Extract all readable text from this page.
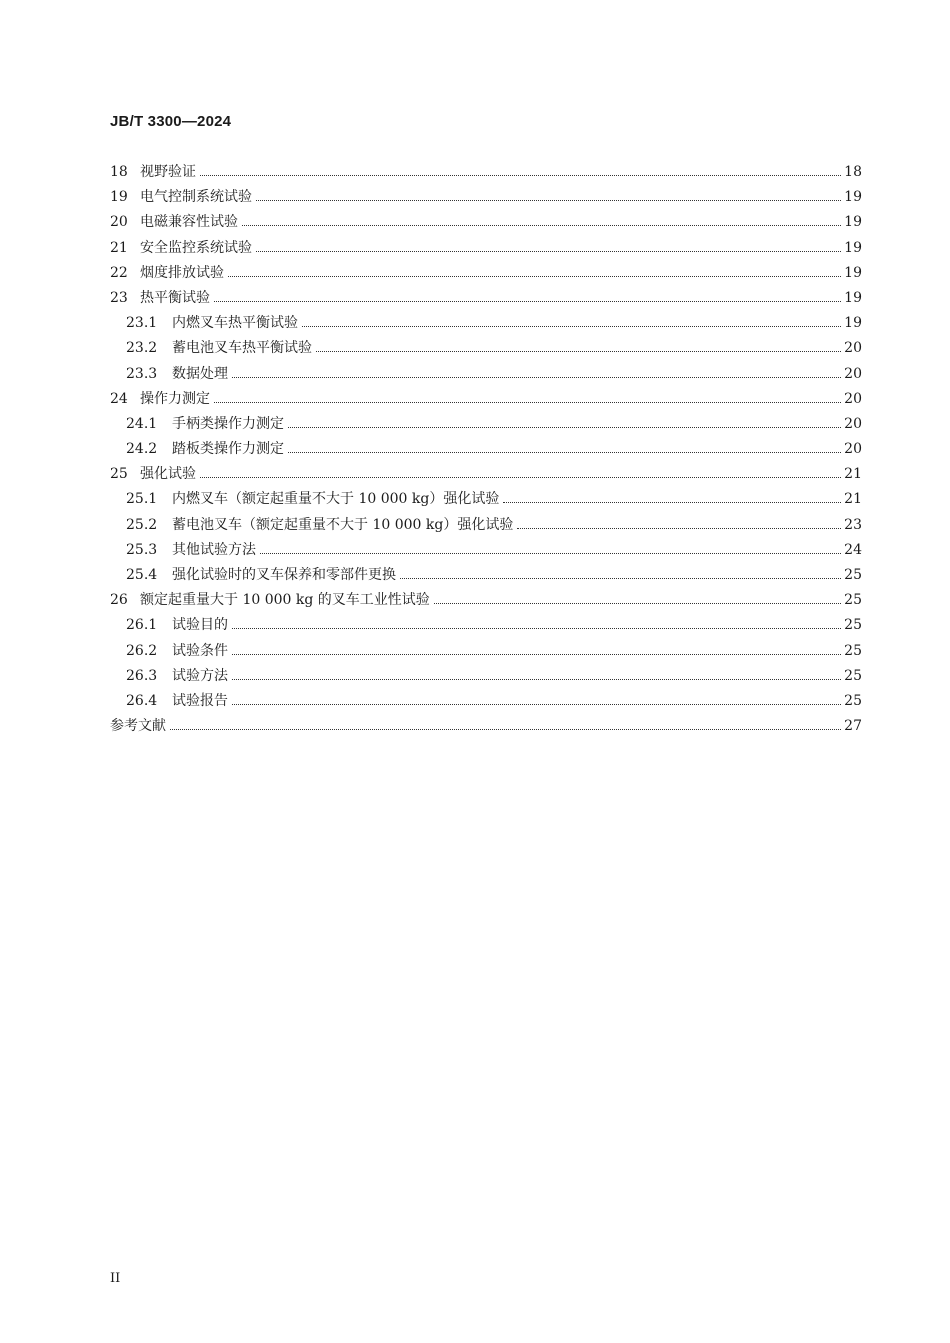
JB/T 3300—2024
18 视野验证	18
19 电气控制系统试验	19
20 电磁兼容性试验	19
21 安全监控系统试验	19
22 烟度排放试验	19
23 热平衡试验	19
23.1	内燃叉车热平衡试验	19
23.2	蓄电池叉车热平衡试验	20
23.3	数据处理	20
24 操作力测定	20
24.1	手柄类操作力测定	20
24.2	踏板类操作力测定	20
25 强化试验	21
25.1	内燃叉车（额定起重量不大于 10 000 kg）强化试验	21
25.2	蓄电池叉车（额定起重量不大于 10 000 kg）强化试验	23
25.3	其他试验方法	24
25.4	强化试验时的叉车保养和零部件更换	25
26 额定起重量大于 10 000 kg 的叉车工业性试验	25
26.1	试验目的	25
26.2	试验条件	25
26.3	试验方法	25
26.4	试验报告	25
参考文献	27
II
